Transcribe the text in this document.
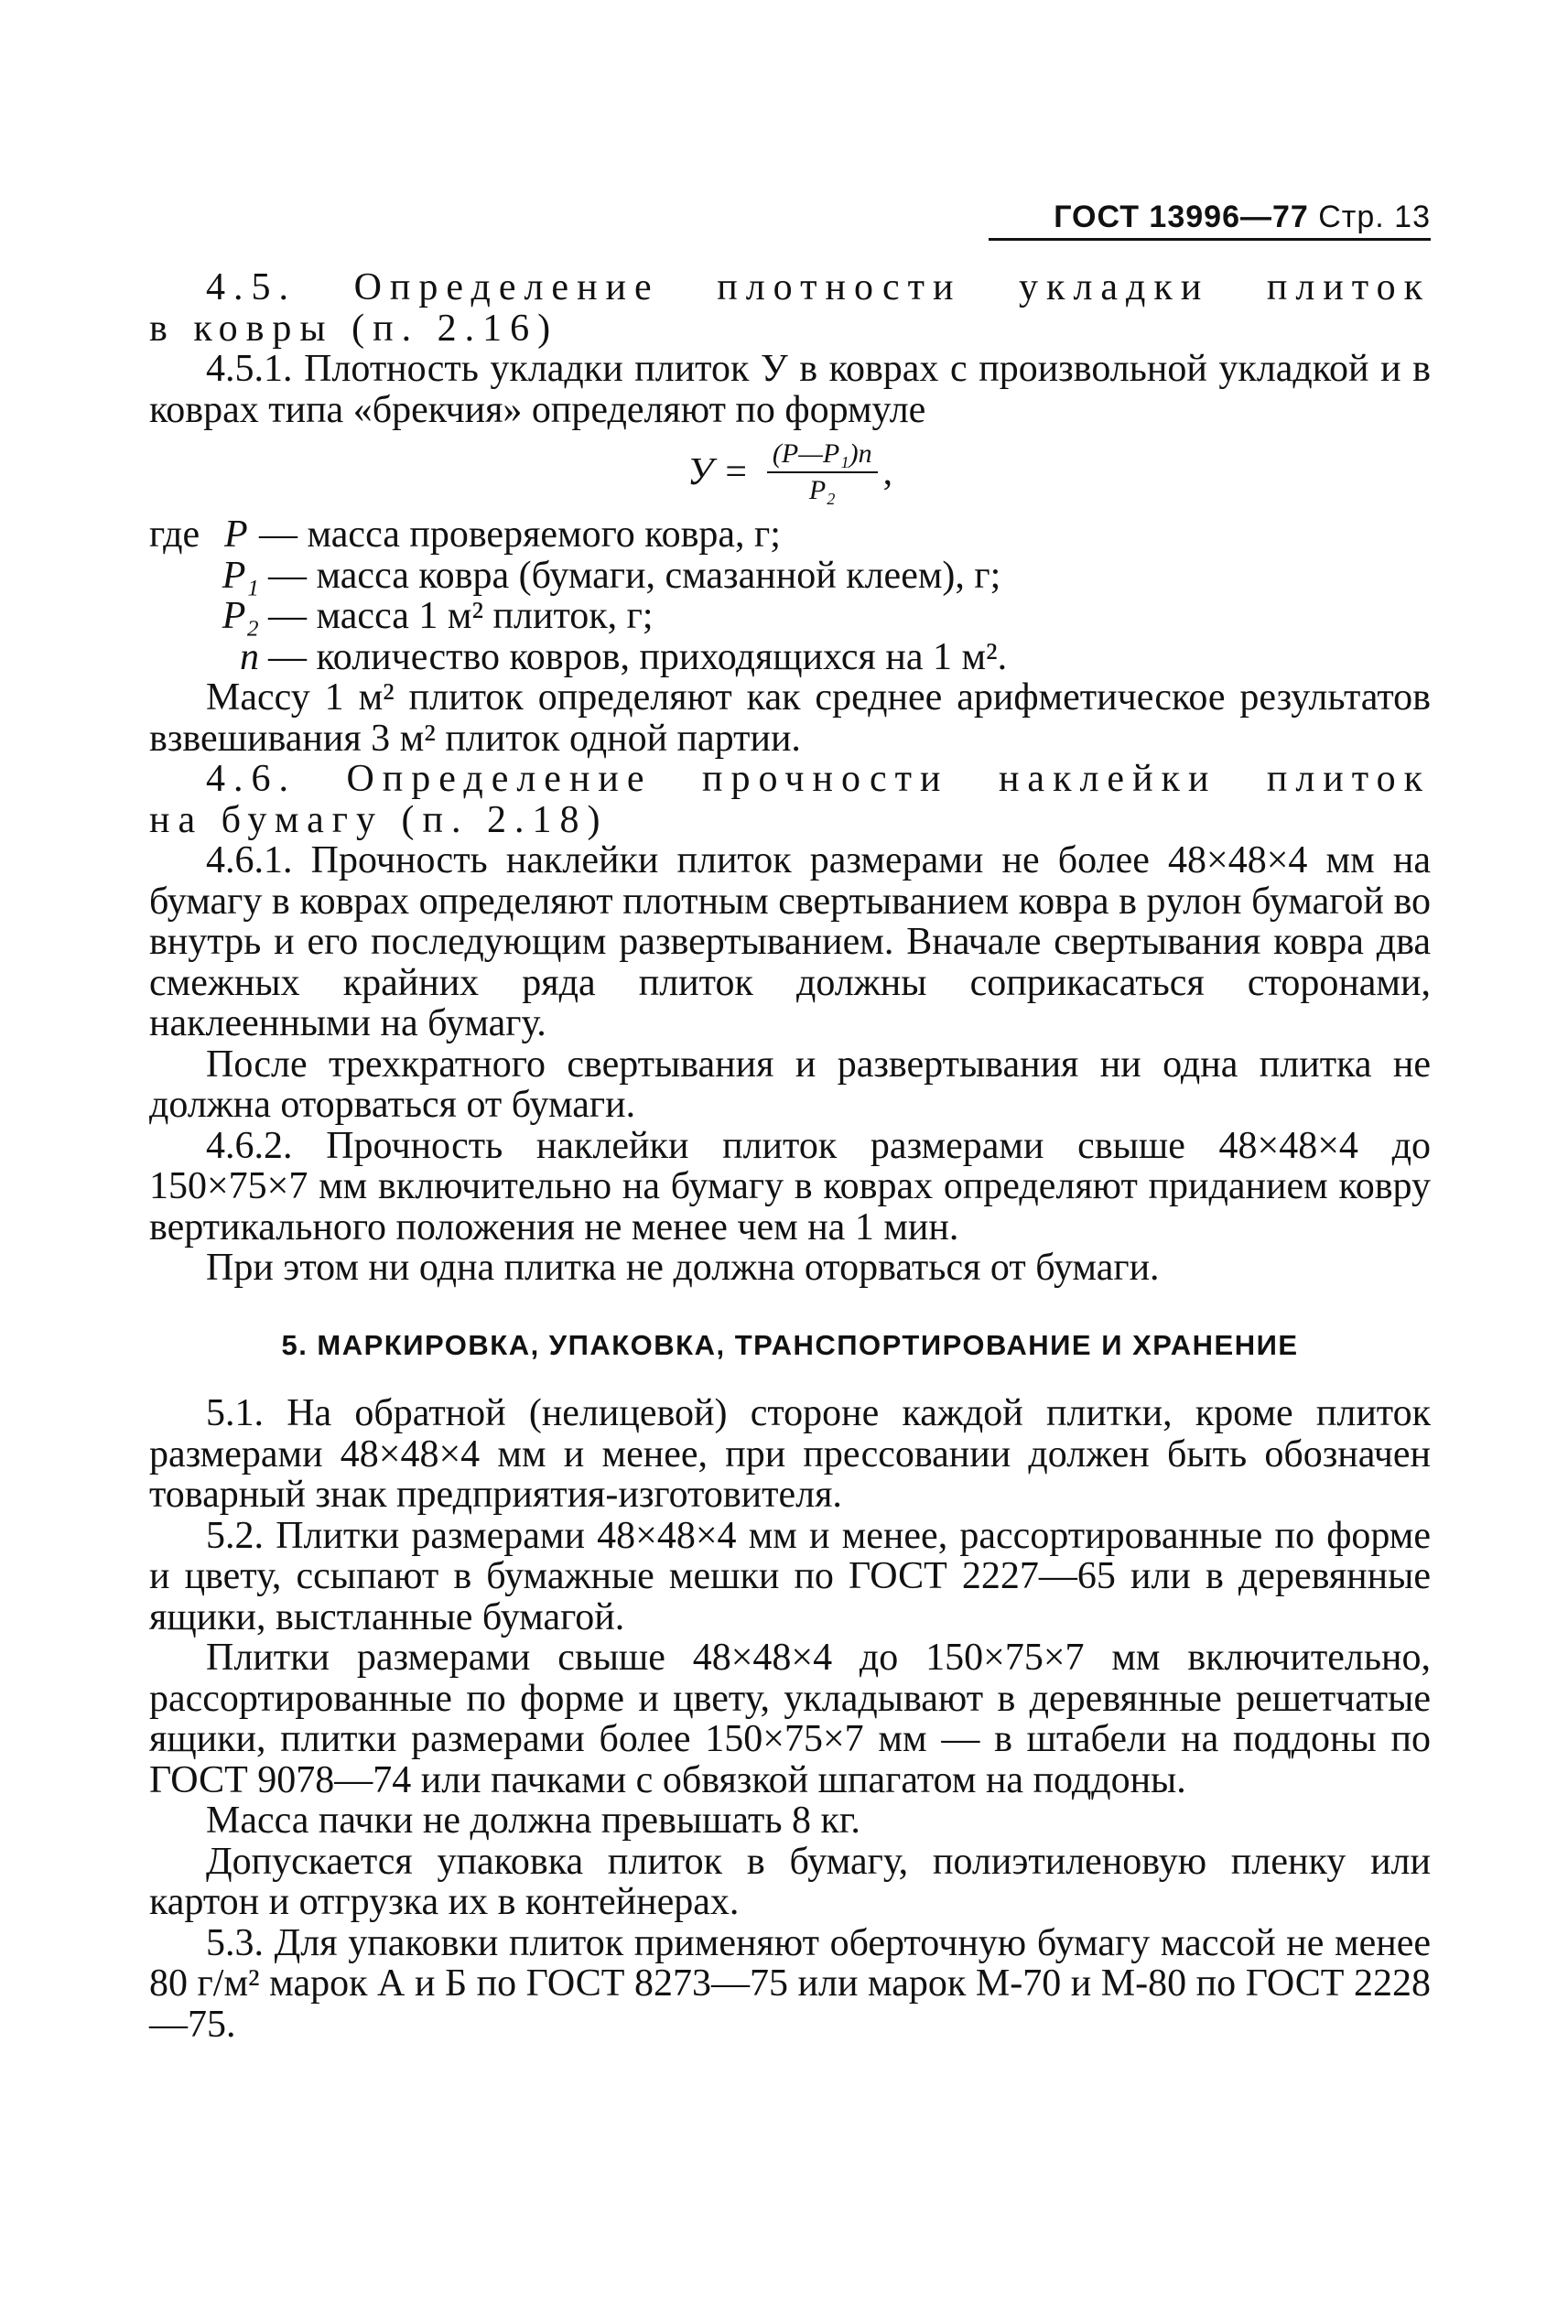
ГОСТ 13996—77 Стр. 13

4.5. Определение плотности укладки плиток

в ковры (п. 2.16)

4.5.1. Плотность укладки плиток У в коврах с произвольной укладкой и в коврах типа «брекчия» определяют по формуле

$У = \frac{\text{(P—P₁)n}}{\text{P₂}}$ ,
где P — масса проверяемого ковра, г;
P₁ — масса ковра (бумаги, смазанной клеем), г;
P₂ — масса 1 м² плиток, г;
n — количество ковров, приходящихся на 1 м².

Массу 1 м² плиток определяют как среднее арифметическое результатов взвешивания 3 м² плиток одной партии.

4.6. Определение прочности наклейки плиток

на бумагу (п. 2.18)

4.6.1. Прочность наклейки плиток размерами не более 48×48×4 мм на бумагу в коврах определяют плотным свертыванием ковра в рулон бумагой во внутрь и его последующим развертыванием. Вначале свертывания ковра два смежных крайних ряда плиток должны соприкасаться сторонами, наклеенными на бумагу.

После трехкратного свертывания и развертывания ни одна плитка не должна оторваться от бумаги.

4.6.2. Прочность наклейки плиток размерами свыше 48×48×4 до 150×75×7 мм включительно на бумагу в коврах определяют приданием ковру вертикального положения не менее чем на 1 мин.

При этом ни одна плитка не должна оторваться от бумаги.

5. МАРКИРОВКА, УПАКОВКА, ТРАНСПОРТИРОВАНИЕ И ХРАНЕНИЕ

5.1. На обратной (нелицевой) стороне каждой плитки, кроме плиток размерами 48×48×4 мм и менее, при прессовании должен быть обозначен товарный знак предприятия-изготовителя.

5.2. Плитки размерами 48×48×4 мм и менее, рассортированные по форме и цвету, ссыпают в бумажные мешки по ГОСТ 2227—65 или в деревянные ящики, выстланные бумагой.

Плитки размерами свыше 48×48×4 до 150×75×7 мм включительно, рассортированные по форме и цвету, укладывают в деревянные решетчатые ящики, плитки размерами более 150×75×7 мм — в штабели на поддоны по ГОСТ 9078—74 или пачками с обвязкой шпагатом на поддоны.

Масса пачки не должна превышать 8 кг.

Допускается упаковка плиток в бумагу, полиэтиленовую пленку или картон и отгрузка их в контейнерах.

5.3. Для упаковки плиток применяют оберточную бумагу массой не менее 80 г/м² марок А и Б по ГОСТ 8273—75 или марок М-70 и М-80 по ГОСТ 2228—75.
